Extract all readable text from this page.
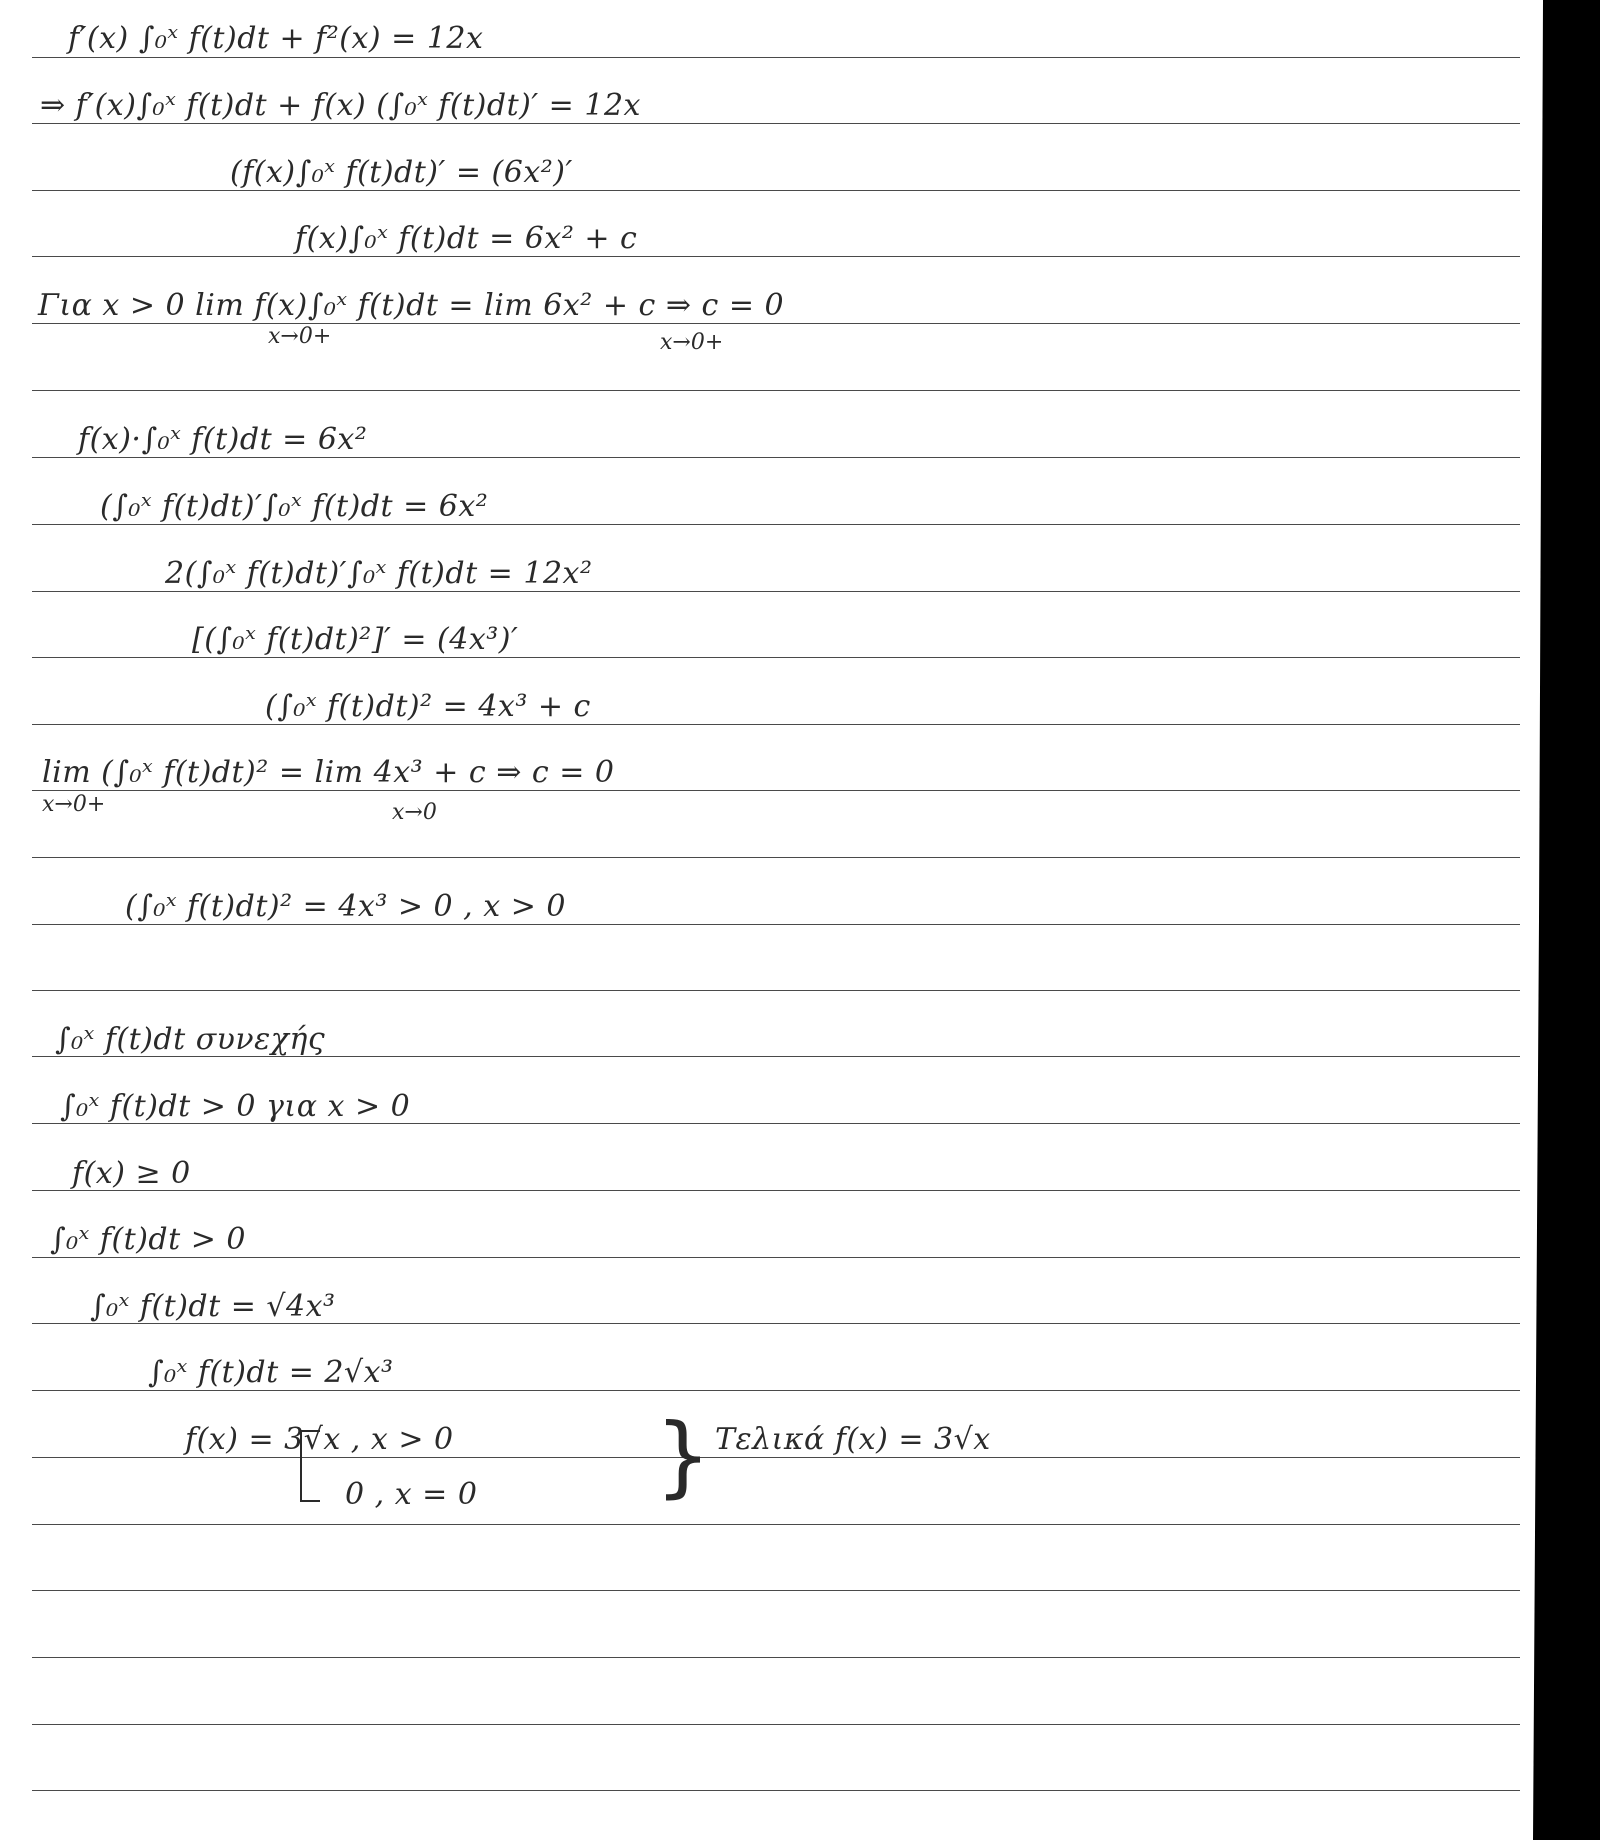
f′(x) ∫₀ˣ f(t)dt + f²(x) = 12x
⇒ f′(x)∫₀ˣ f(t)dt + f(x) (∫₀ˣ f(t)dt)′ = 12x
(f(x)∫₀ˣ f(t)dt)′ = (6x²)′
f(x)∫₀ˣ f(t)dt = 6x² + c
Για x > 0 lim f(x)∫₀ˣ f(t)dt = lim 6x² + c ⇒ c = 0
x→0+	x→0+
f(x)·∫₀ˣ f(t)dt = 6x²
(∫₀ˣ f(t)dt)′∫₀ˣ f(t)dt = 6x²
2(∫₀ˣ f(t)dt)′∫₀ˣ f(t)dt = 12x²
[(∫₀ˣ f(t)dt)²]′ = (4x³)′
(∫₀ˣ f(t)dt)² = 4x³ + c
lim (∫₀ˣ f(t)dt)² = lim 4x³ + c ⇒ c = 0
x→0+	x→0
(∫₀ˣ f(t)dt)² = 4x³ > 0 , x > 0
∫₀ˣ f(t)dt συνεχής
∫₀ˣ f(t)dt > 0 για x > 0
f(x) ≥ 0
∫₀ˣ f(t)dt > 0
∫₀ˣ f(t)dt = √4x³
∫₀ˣ f(t)dt = 2√x³
f(x) = 3√x , x > 0
0 , x = 0 } Τελικά f(x) = 3√x
